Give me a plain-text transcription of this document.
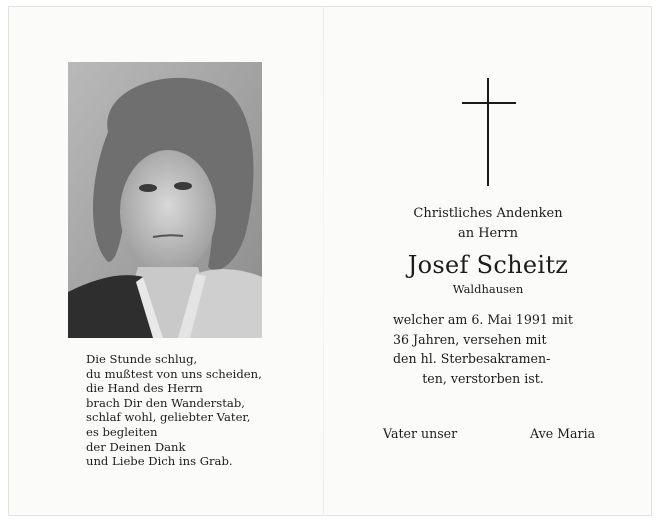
Die Stunde schlug,
du mußtest von uns scheiden,
die Hand des Herrn
brach Dir den Wanderstab,
schlaf wohl, geliebter Vater,
es begleiten
der Deinen Dank
und Liebe Dich ins Grab.
Christliches Andenken
an Herrn
Josef Scheitz
Waldhausen
welcher am 6. Mai 1991 mit
36 Jahren, versehen mit
den hl. Sterbesakramen-
ten, verstorben ist.
Vater unser	Ave Maria
